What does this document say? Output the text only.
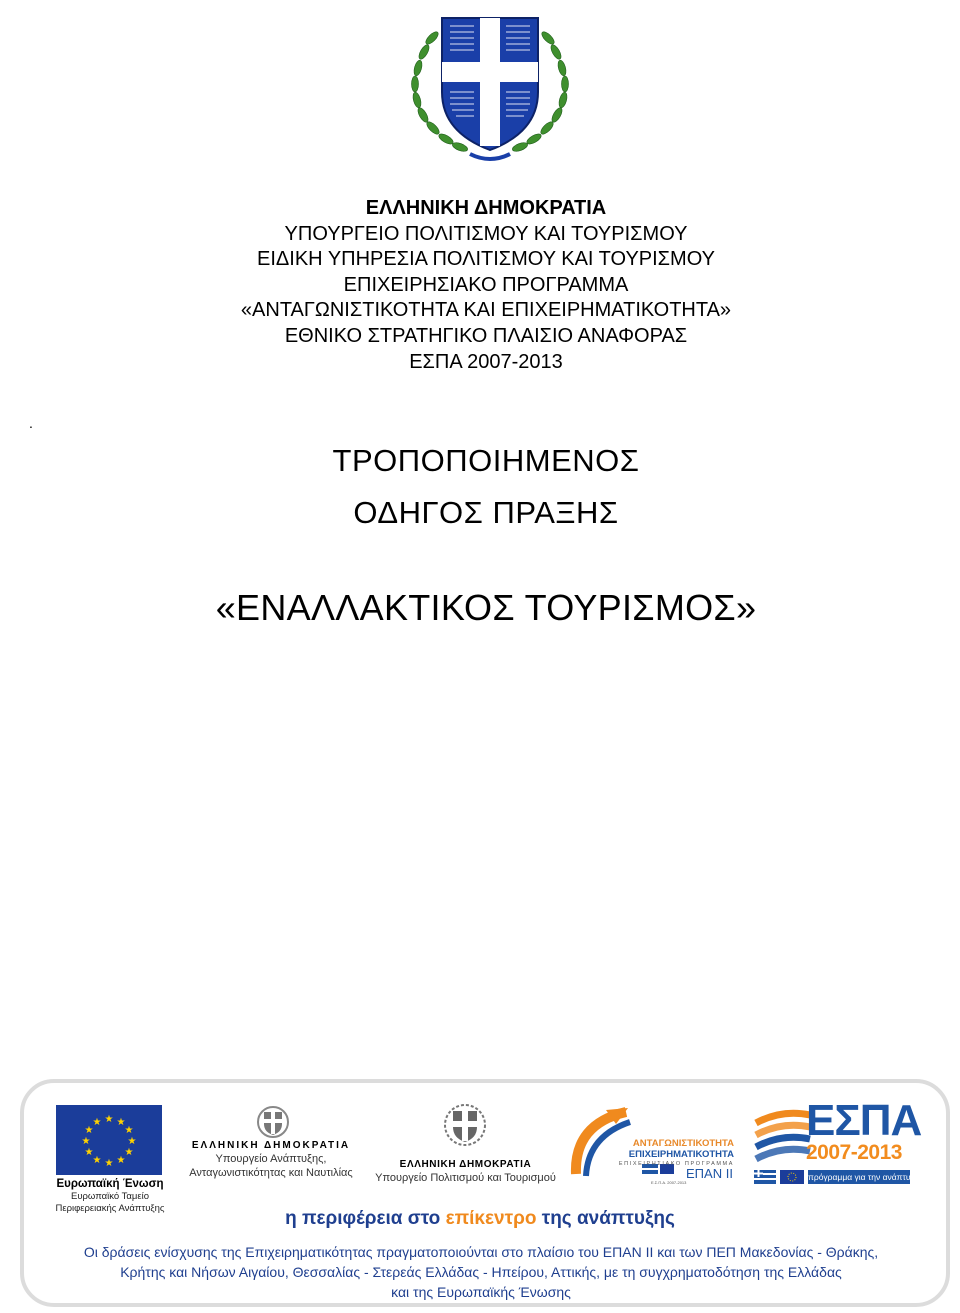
ΕΛΛΗΝΙΚΗ ΔΗΜΟΚΡΑΤΙΑ
ΥΠΟΥΡΓΕΙΟ ΠΟΛΙΤΙΣΜΟΥ ΚΑΙ ΤΟΥΡΙΣΜΟΥ
ΕΙΔΙΚΗ ΥΠΗΡΕΣΙΑ ΠΟΛΙΤΙΣΜΟΥ ΚΑΙ ΤΟΥΡΙΣΜΟΥ
ΕΠΙΧΕΙΡΗΣΙΑΚΟ ΠΡΟΓΡΑΜΜΑ
«ΑΝΤΑΓΩΝΙΣΤΙΚΟΤΗΤΑ ΚΑΙ ΕΠΙΧΕΙΡΗΜΑΤΙΚΟΤΗΤΑ»
ΕΘΝΙΚΟ ΣΤΡΑΤΗΓΙΚΟ ΠΛΑΙΣΙΟ ΑΝΑΦΟΡΑΣ
ΕΣΠΑ 2007-2013
.
ΤΡΟΠΟΠΟΙΗΜΕΝΟΣ
ΟΔΗΓΟΣ ΠΡΑΞΗΣ
«ΕΝΑΛΛΑΚΤΙΚΟΣ ΤΟΥΡΙΣΜΟΣ»
★ ★
★
★
★
★
★
★
★
★
★
★
Ευρωπαϊκή Ένωση
Ευρωπαϊκό Ταμείο
Περιφερειακής Ανάπτυξης
ΕΛΛΗΝΙΚΗ ΔΗΜΟΚΡΑΤΙΑ
Υπουργείο Ανάπτυξης,
Ανταγωνιστικότητας και Ναυτιλίας
ΕΛΛΗΝΙΚΗ ΔΗΜΟΚΡΑΤΙΑ
Υπουργείο Πολιτισμού και Τουρισμού
ΑΝΤΑΓΩΝΙΣΤΙΚΟΤΗΤΑ
ΕΠΙΧΕΙΡΗΜΑΤΙΚΟΤΗΤΑ
ΕΠΙΧΕΙΡΗΣΙΑΚΟ ΠΡΟΓΡΑΜΜΑ
ΕΠΑΝ ΙΙ
Ε.Σ.Π.Α. 2007-2013
ΕΣΠΑ
2007-2013
πρόγραμμα για την ανάπτυξη
η περιφέρεια στο επίκεντρο της ανάπτυξης
Οι δράσεις ενίσχυσης της Επιχειρηματικότητας πραγματοποιούνται στο πλαίσιο του ΕΠΑΝ ΙΙ και των ΠΕΠ Μακεδονίας - Θράκης,
Κρήτης και Νήσων Αιγαίου, Θεσσαλίας - Στερεάς Ελλάδας - Ηπείρου, Αττικής, με τη συγχρηματοδότηση της Ελλάδας
και της Ευρωπαϊκής Ένωσης
